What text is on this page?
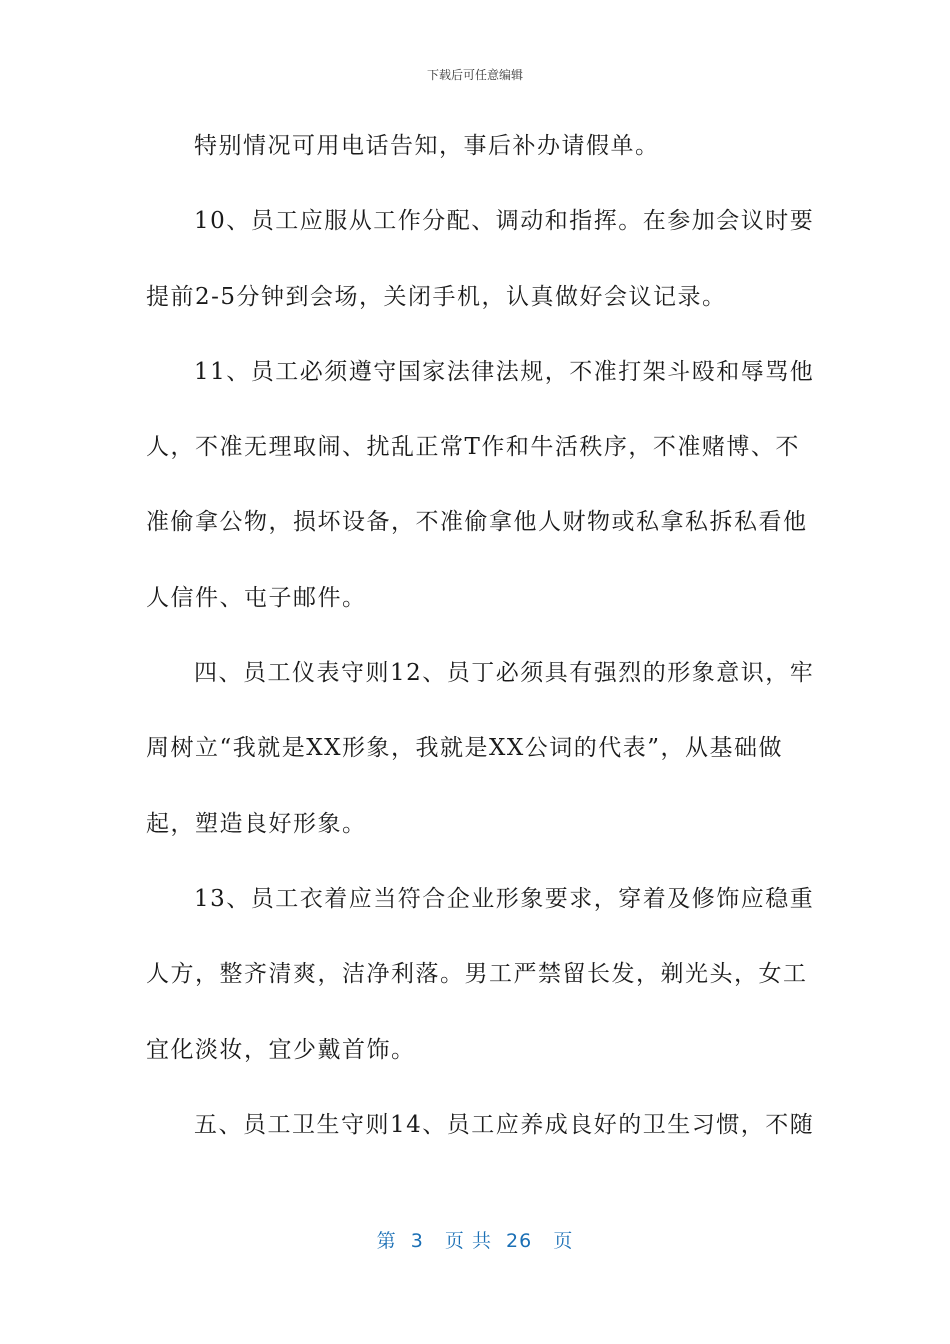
下载后可任意编辑
特别情况可用电话告知，事后补办请假单。
10、员工应服从工作分配、调动和指挥。在参加会议时要
提前2-5分钟到会场，关闭手机，认真做好会议记录。
11、员工必须遵守国家法律法规，不准打架斗殴和辱骂他
人，不准无理取闹、扰乱正常T作和牛活秩序，不准赌博、不
准偷拿公物，损坏设备，不准偷拿他人财物或私拿私拆私看他
人信件、屯子邮件。
四、员工仪表守则12、员丁必须具有强烈的形象意识，牢
周树立“我就是XX形象，我就是XX公词的代表”，从基础做
起，塑造良好形象。
13、员工衣着应当符合企业形象要求，穿着及修饰应稳重
人方，整齐清爽，洁净利落。男工严禁留长发，剃光头，女工
宜化淡妆，宜少戴首饰。
五、员工卫生守则14、员工应养成良好的卫生习惯，不随
第  3   页 共  26   页
